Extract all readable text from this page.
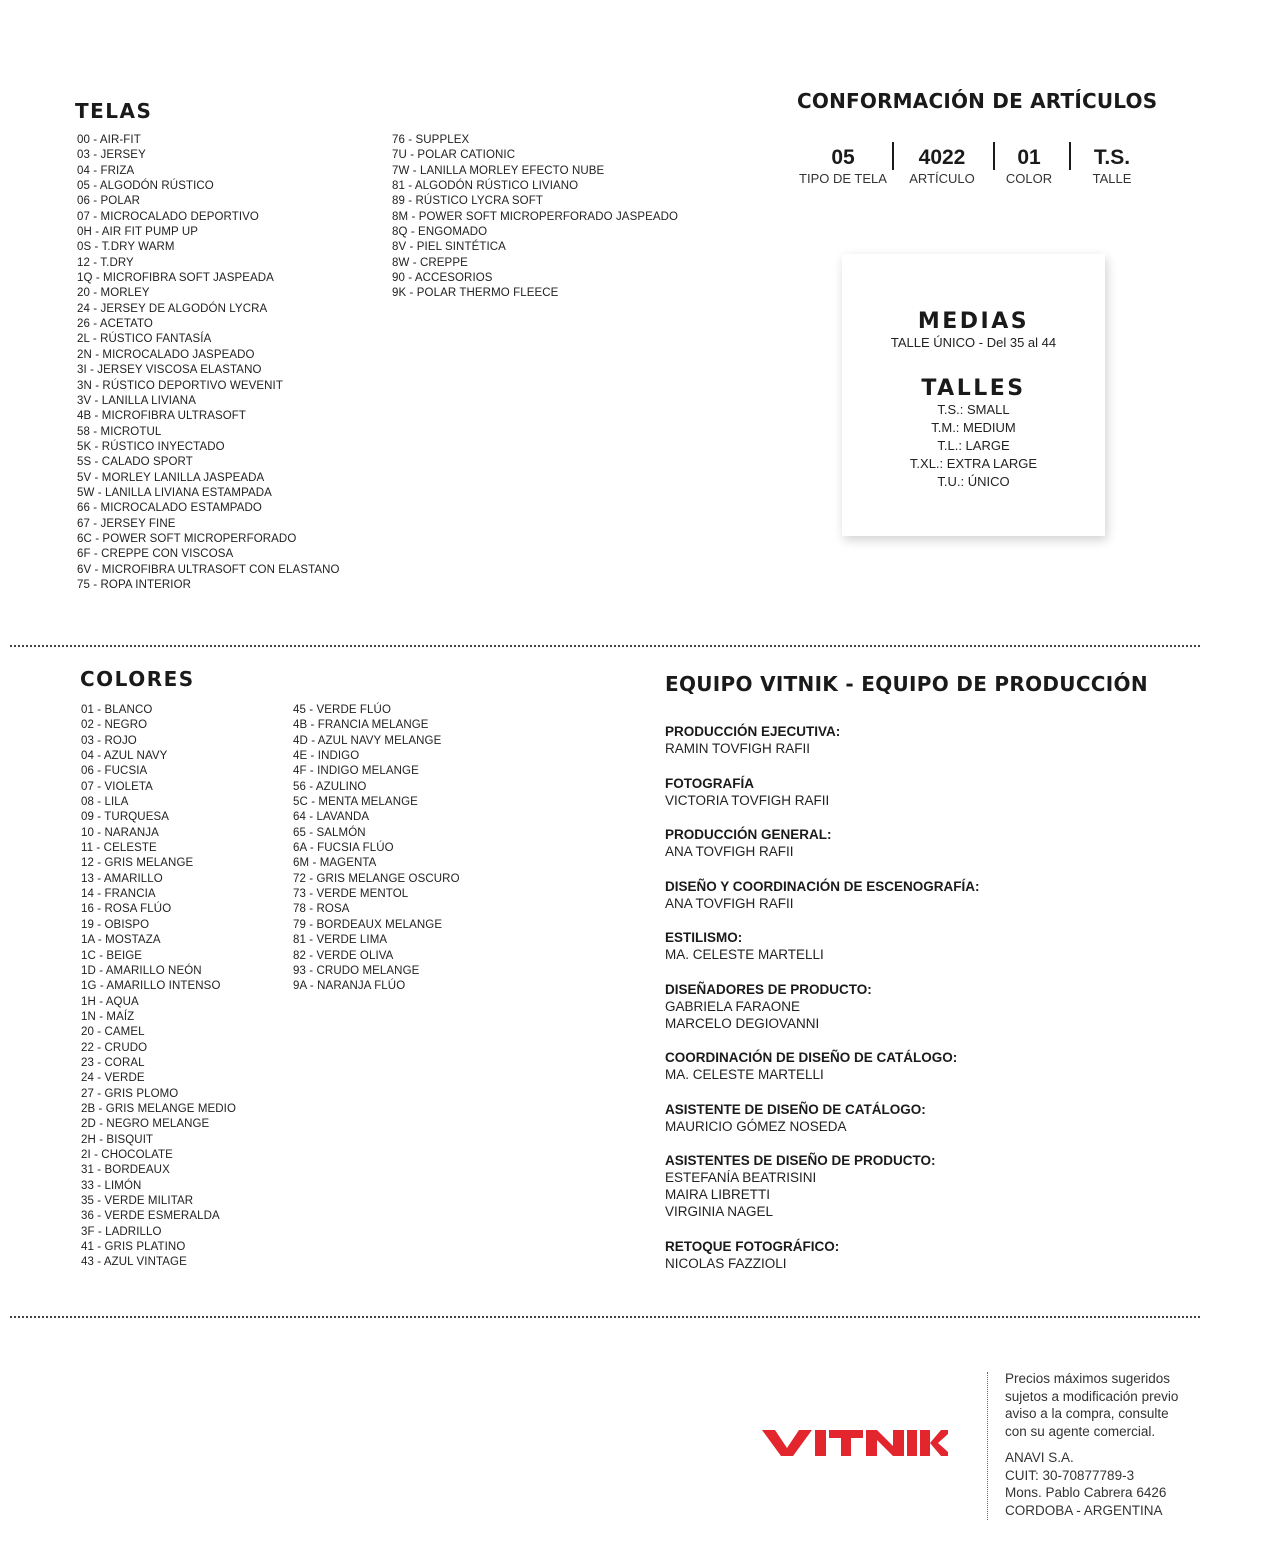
TELAS
00 - AIR-FIT
03 - JERSEY
04 - FRIZA
05 - ALGODÓN RÚSTICO
06 - POLAR
07 - MICROCALADO DEPORTIVO
0H - AIR FIT PUMP UP
0S - T.DRY WARM
12 - T.DRY
1Q - MICROFIBRA SOFT JASPEADA
20 - MORLEY
24 - JERSEY DE ALGODÓN LYCRA
26 - ACETATO
2L - RÚSTICO FANTASÍA
2N - MICROCALADO JASPEADO
3I - JERSEY VISCOSA ELASTANO
3N - RÚSTICO DEPORTIVO WEVENIT
3V - LANILLA LIVIANA
4B - MICROFIBRA ULTRASOFT
58 - MICROTUL
5K - RÚSTICO INYECTADO
5S - CALADO SPORT
5V - MORLEY LANILLA JASPEADA
5W - LANILLA LIVIANA ESTAMPADA
66 - MICROCALADO ESTAMPADO
67 - JERSEY FINE
6C - POWER SOFT MICROPERFORADO
6F - CREPPE CON VISCOSA
6V - MICROFIBRA ULTRASOFT CON ELASTANO
75 - ROPA INTERIOR
76 - SUPPLEX
7U - POLAR CATIONIC
7W - LANILLA MORLEY EFECTO NUBE
81 - ALGODÓN RÚSTICO LIVIANO
89 - RÚSTICO LYCRA SOFT
8M - POWER SOFT MICROPERFORADO JASPEADO
8Q - ENGOMADO
8V - PIEL SINTÉTICA
8W - CREPPE
90 - ACCESORIOS
9K - POLAR THERMO FLEECE
CONFORMACIÓN DE ARTÍCULOS
05
TIPO DE TELA
4022
ARTÍCULO
01
COLOR
T.S.
TALLE
MEDIAS
TALLE ÚNICO - Del 35 al 44
TALLES
T.S.: SMALL
T.M.: MEDIUM
T.L.: LARGE
T.XL.: EXTRA LARGE
T.U.: ÚNICO
COLORES
01 - BLANCO
02 - NEGRO
03 - ROJO
04 - AZUL NAVY
06 - FUCSIA
07 - VIOLETA
08 - LILA
09 - TURQUESA
10 - NARANJA
11 - CELESTE
12 - GRIS MELANGE
13 - AMARILLO
14 - FRANCIA
16 - ROSA FLÚO
19 - OBISPO
1A - MOSTAZA
1C - BEIGE
1D - AMARILLO NEÓN
1G - AMARILLO INTENSO
1H - AQUA
1N - MAÍZ
20 - CAMEL
22 - CRUDO
23 - CORAL
24 - VERDE
27 - GRIS PLOMO
2B - GRIS MELANGE MEDIO
2D - NEGRO MELANGE
2H - BISQUIT
2I - CHOCOLATE
31 - BORDEAUX
33 - LIMÓN
35 - VERDE MILITAR
36 - VERDE ESMERALDA
3F - LADRILLO
41 - GRIS PLATINO
43 - AZUL VINTAGE
45 - VERDE FLÚO
4B - FRANCIA MELANGE
4D - AZUL NAVY MELANGE
4E - INDIGO
4F - INDIGO MELANGE
56 - AZULINO
5C - MENTA MELANGE
64 - LAVANDA
65 - SALMÓN
6A - FUCSIA FLÚO
6M - MAGENTA
72 - GRIS MELANGE OSCURO
73 - VERDE MENTOL
78 - ROSA
79 - BORDEAUX MELANGE
81 - VERDE LIMA
82 - VERDE OLIVA
93 - CRUDO MELANGE
9A - NARANJA FLÚO
EQUIPO VITNIK - EQUIPO DE PRODUCCIÓN
PRODUCCIÓN EJECUTIVA:
RAMIN TOVFIGH RAFII
FOTOGRAFÍA
VICTORIA TOVFIGH RAFII
PRODUCCIÓN GENERAL:
ANA TOVFIGH RAFII
DISEÑO Y COORDINACIÓN DE ESCENOGRAFÍA:
ANA TOVFIGH RAFII
ESTILISMO:
MA. CELESTE MARTELLI
DISEÑADORES DE PRODUCTO:
GABRIELA FARAONE
MARCELO DEGIOVANNI
COORDINACIÓN DE DISEÑO DE CATÁLOGO:
MA. CELESTE MARTELLI
ASISTENTE DE DISEÑO DE CATÁLOGO:
MAURICIO GÓMEZ NOSEDA
ASISTENTES DE DISEÑO DE PRODUCTO:
ESTEFANÍA BEATRISINI
MAIRA LIBRETTI
VIRGINIA NAGEL
RETOQUE FOTOGRÁFICO:
NICOLAS FAZZIOLI
Precios máximos sugeridos
sujetos a modificación previo
aviso a la compra, consulte
con su agente comercial.
ANAVI S.A.
CUIT: 30-70877789-3
Mons. Pablo Cabrera 6426
CORDOBA - ARGENTINA
